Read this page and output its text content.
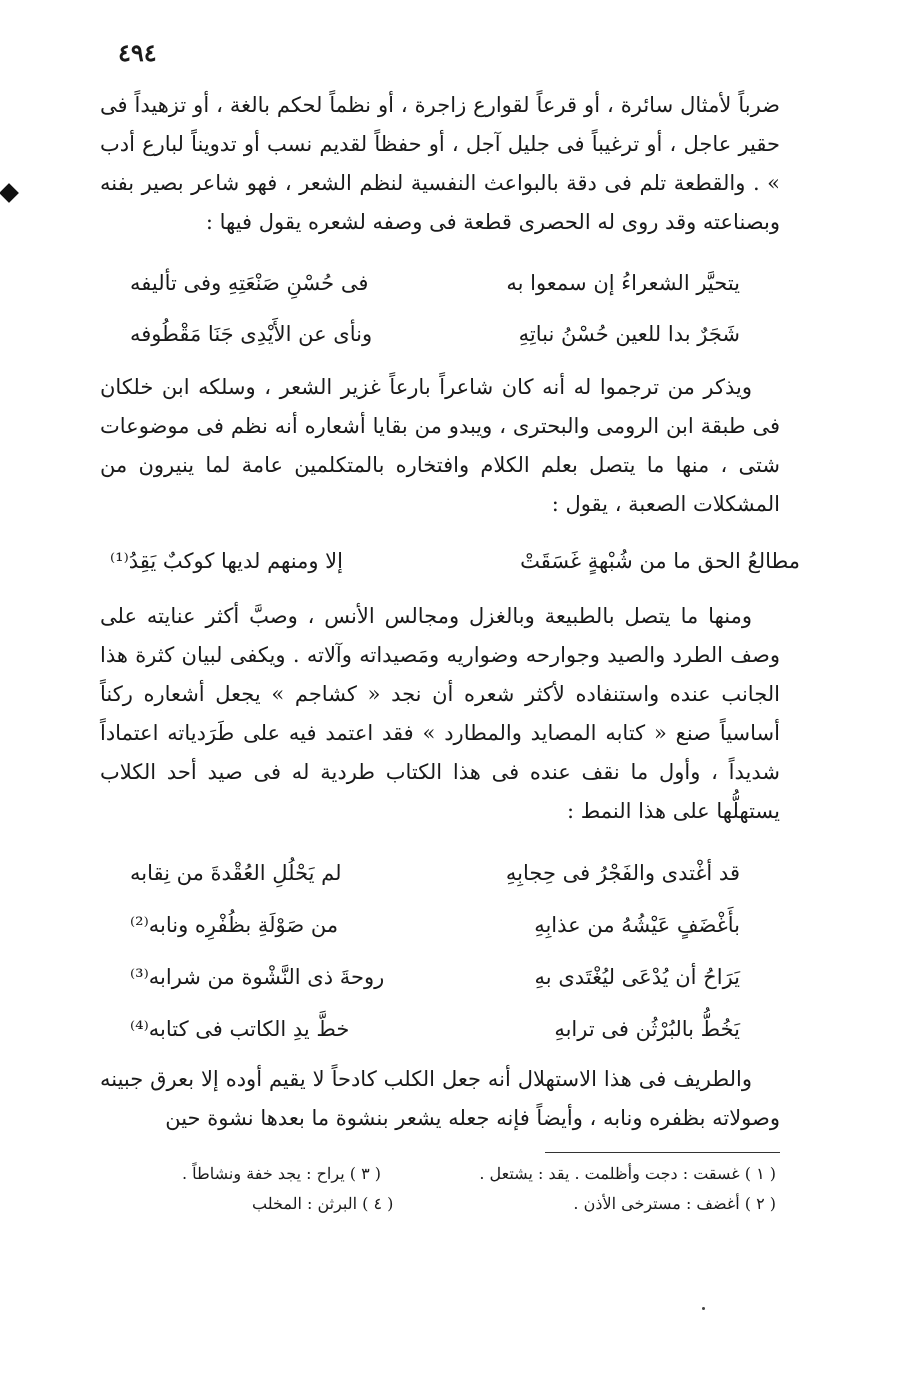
٤٩٤

ضرباً لأمثال سائرة ، أو قرعاً لقوارع زاجرة ، أو نظماً لحكم بالغة ، أو تزهيداً فى حقير عاجل ، أو ترغيباً فى جليل آجل ، أو حفظاً لقديم نسب أو تدويناً لبارع أدب » . والقطعة تلم فى دقة بالبواعث النفسية لنظم الشعر ، فهو شاعر بصير بفنه وبصناعته وقد روى له الحصرى قطعة فى وصفه لشعره يقول فيها :

يتحيَّر الشعراءُ إن سمعوا به
فى حُسْنِ صَنْعَتِهِ وفى تأليفه
شَجَرٌ بدا للعين حُسْنُ نباتِهِ
ونأى عن الأَيْدِى جَنَا مَقْطُوفه

ويذكر من ترجموا له أنه كان شاعراً بارعاً غزير الشعر ، وسلكه ابن خلكان فى طبقة ابن الرومى والبحترى ، ويبدو من بقايا أشعاره أنه نظم فى موضوعات شتى ، منها ما يتصل بعلم الكلام وافتخاره بالمتكلمين عامة لما ينيرون من المشكلات الصعبة ، يقول :

مطالعُ الحق ما من شُبْهةٍ غَسَقَتْ
إلا ومنهم لديها كوكبٌ يَقِدُ⁽¹⁾

ومنها ما يتصل بالطبيعة وبالغزل ومجالس الأنس ، وصبَّ أكثر عنايته على وصف الطرد والصيد وجوارحه وضواريه ومَصيداته وآلاته . ويكفى لبيان كثرة هذا الجانب عنده واستنفاده لأكثر شعره أن نجد « كشاجم » يجعل أشعاره ركناً أساسياً صنع « كتابه المصايد والمطارد » فقد اعتمد فيه على طَرَدياته اعتماداً شديداً ، وأول ما نقف عنده فى هذا الكتاب طردية له فى صيد أحد الكلاب يستهلُّها على هذا النمط :

قد أغْتدى والفَجْرُ فى حِجابِهِ
لم يَحْلُلِ العُقْدةَ من نِقابه
بأَغْضَفٍ عَيْشُهُ من عذابِهِ
من صَوْلَةِ بظُفْرِه ونابه⁽²⁾
يَرَاحُ أن يُدْعَى ليُغْتَدى بهِ
روحةَ ذى النَّشْوة من شرابه⁽³⁾
يَخُطُّ بالبُرْثُن فى ترابهِ
خطَّ يدِ الكاتب فى كتابه⁽⁴⁾

والطريف فى هذا الاستهلال أنه جعل الكلب كادحاً لا يقيم أوده إلا بعرق جبينه وصولاته بظفره ونابه ، وأيضاً فإنه جعله يشعر بنشوة ما بعدها نشوة حين

( ١ ) غسقت : دجت وأظلمت . يقد : يشتعل .
( ٢ ) أغضف : مسترخى الأذن .
( ٣ ) يراح : يجد خفة ونشاطاً .
( ٤ ) البرثن : المخلب
